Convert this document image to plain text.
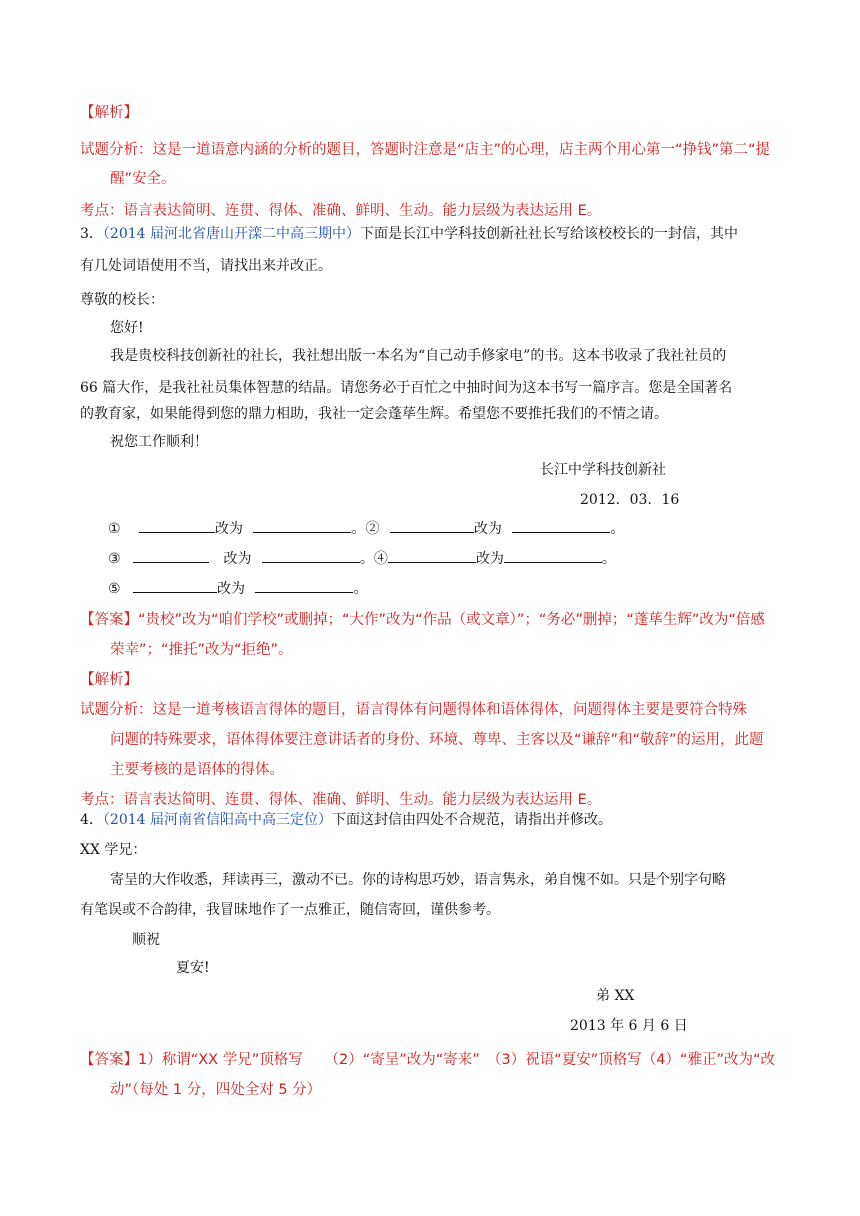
【解析】
试题分析：这是一道语意内涵的分析的题目，答题时注意是“店主”的心理，店主两个用心第一“挣钱”第二“提
醒”安全。
考点：语言表达简明、连贯、得体、准确、鲜明、生动。能力层级为表达运用 E。
3．（2014 届河北省唐山开滦二中高三期中）下面是长江中学科技创新社社长写给该校校长的一封信，其中
有几处词语使用不当，请找出来并改正。
尊敬的校长：
您好!
我是贵校科技创新社的社长，我社想出版一本名为“自己动手修家电”的书。这本书收录了我社社员的
66 篇大作，是我社社员集体智慧的结晶。请您务必于百忙之中抽时间为这本书写一篇序言。您是全国著名
的教育家，如果能得到您的鼎力相助，我社一定会蓬荜生辉。希望您不要推托我们的不情之请。
祝您工作顺利！
长江中学科技创新社
2012．03．16
①	改为	。②	改为	。
③	改为	。④	改为	。
⑤	改为	。
【答案】“贵校”改为“咱们学校”或删掉；“大作”改为“作品（或文章）”；“务必”删掉；“蓬荜生辉”改为“倍感
荣幸”；“推托”改为“拒绝”。
【解析】
试题分析：这是一道考核语言得体的题目，语言得体有问题得体和语体得体，问题得体主要是要符合特殊
问题的特殊要求，语体得体要注意讲话者的身份、环境、尊卑、主客以及“谦辞”和“敬辞”的运用，此题
主要考核的是语体的得体。
考点：语言表达简明、连贯、得体、准确、鲜明、生动。能力层级为表达运用 E。
4．（2014 届河南省信阳高中高三定位）下面这封信由四处不合规范，请指出并修改。
XX 学兄：
寄呈的大作收悉，拜读再三，激动不已。你的诗构思巧妙，语言隽永，弟自愧不如。只是个别字句略
有笔误或不合韵律，我冒昧地作了一点雅正，随信寄回，谨供参考。
顺祝
夏安!
弟 XX
2013 年 6 月 6 日
【答案】1）称谓“XX 学兄”顶格写　　（2）“寄呈”改为“寄来”　（3）祝语“夏安”顶格写（4）“雅正”改为“改
动”（每处 1 分，四处全对 5 分）
